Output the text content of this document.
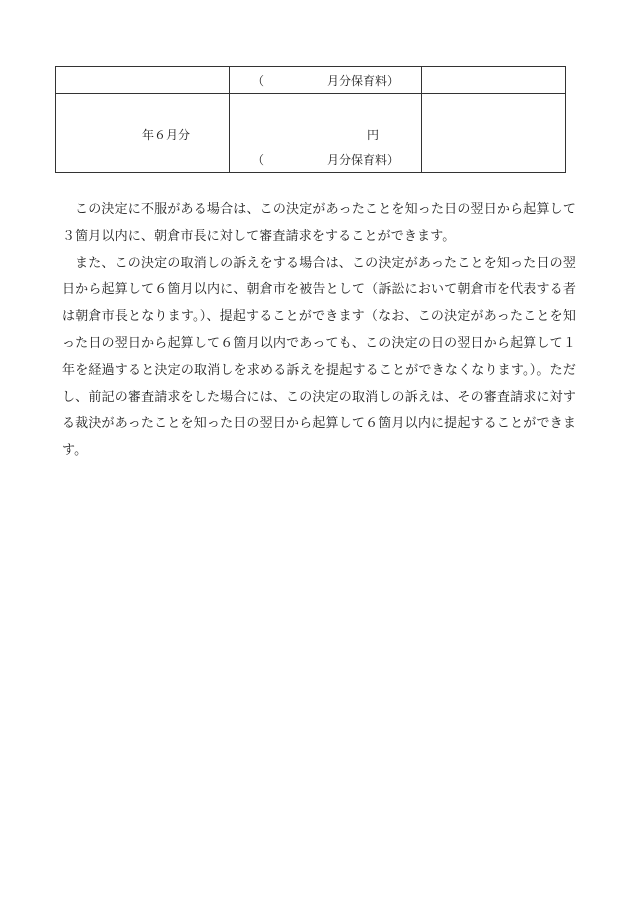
	（ 月分保育料）	

年６月分	円
（ 月分保育料）	

この決定に不服がある場合は、この決定があったことを知った日の翌日から起算して３箇月以内に、朝倉市長に対して審査請求をすることができます。

また、この決定の取消しの訴えをする場合は、この決定があったことを知った日の翌日から起算して６箇月以内に、朝倉市を被告として（訴訟において朝倉市を代表する者は朝倉市長となります。）、提起することができます（なお、この決定があったことを知った日の翌日から起算して６箇月以内であっても、この決定の日の翌日から起算して１年を経過すると決定の取消しを求める訴えを提起することができなくなります。）。ただし、前記の審査請求をした場合には、この決定の取消しの訴えは、その審査請求に対する裁決があったことを知った日の翌日から起算して６箇月以内に提起することができます。
